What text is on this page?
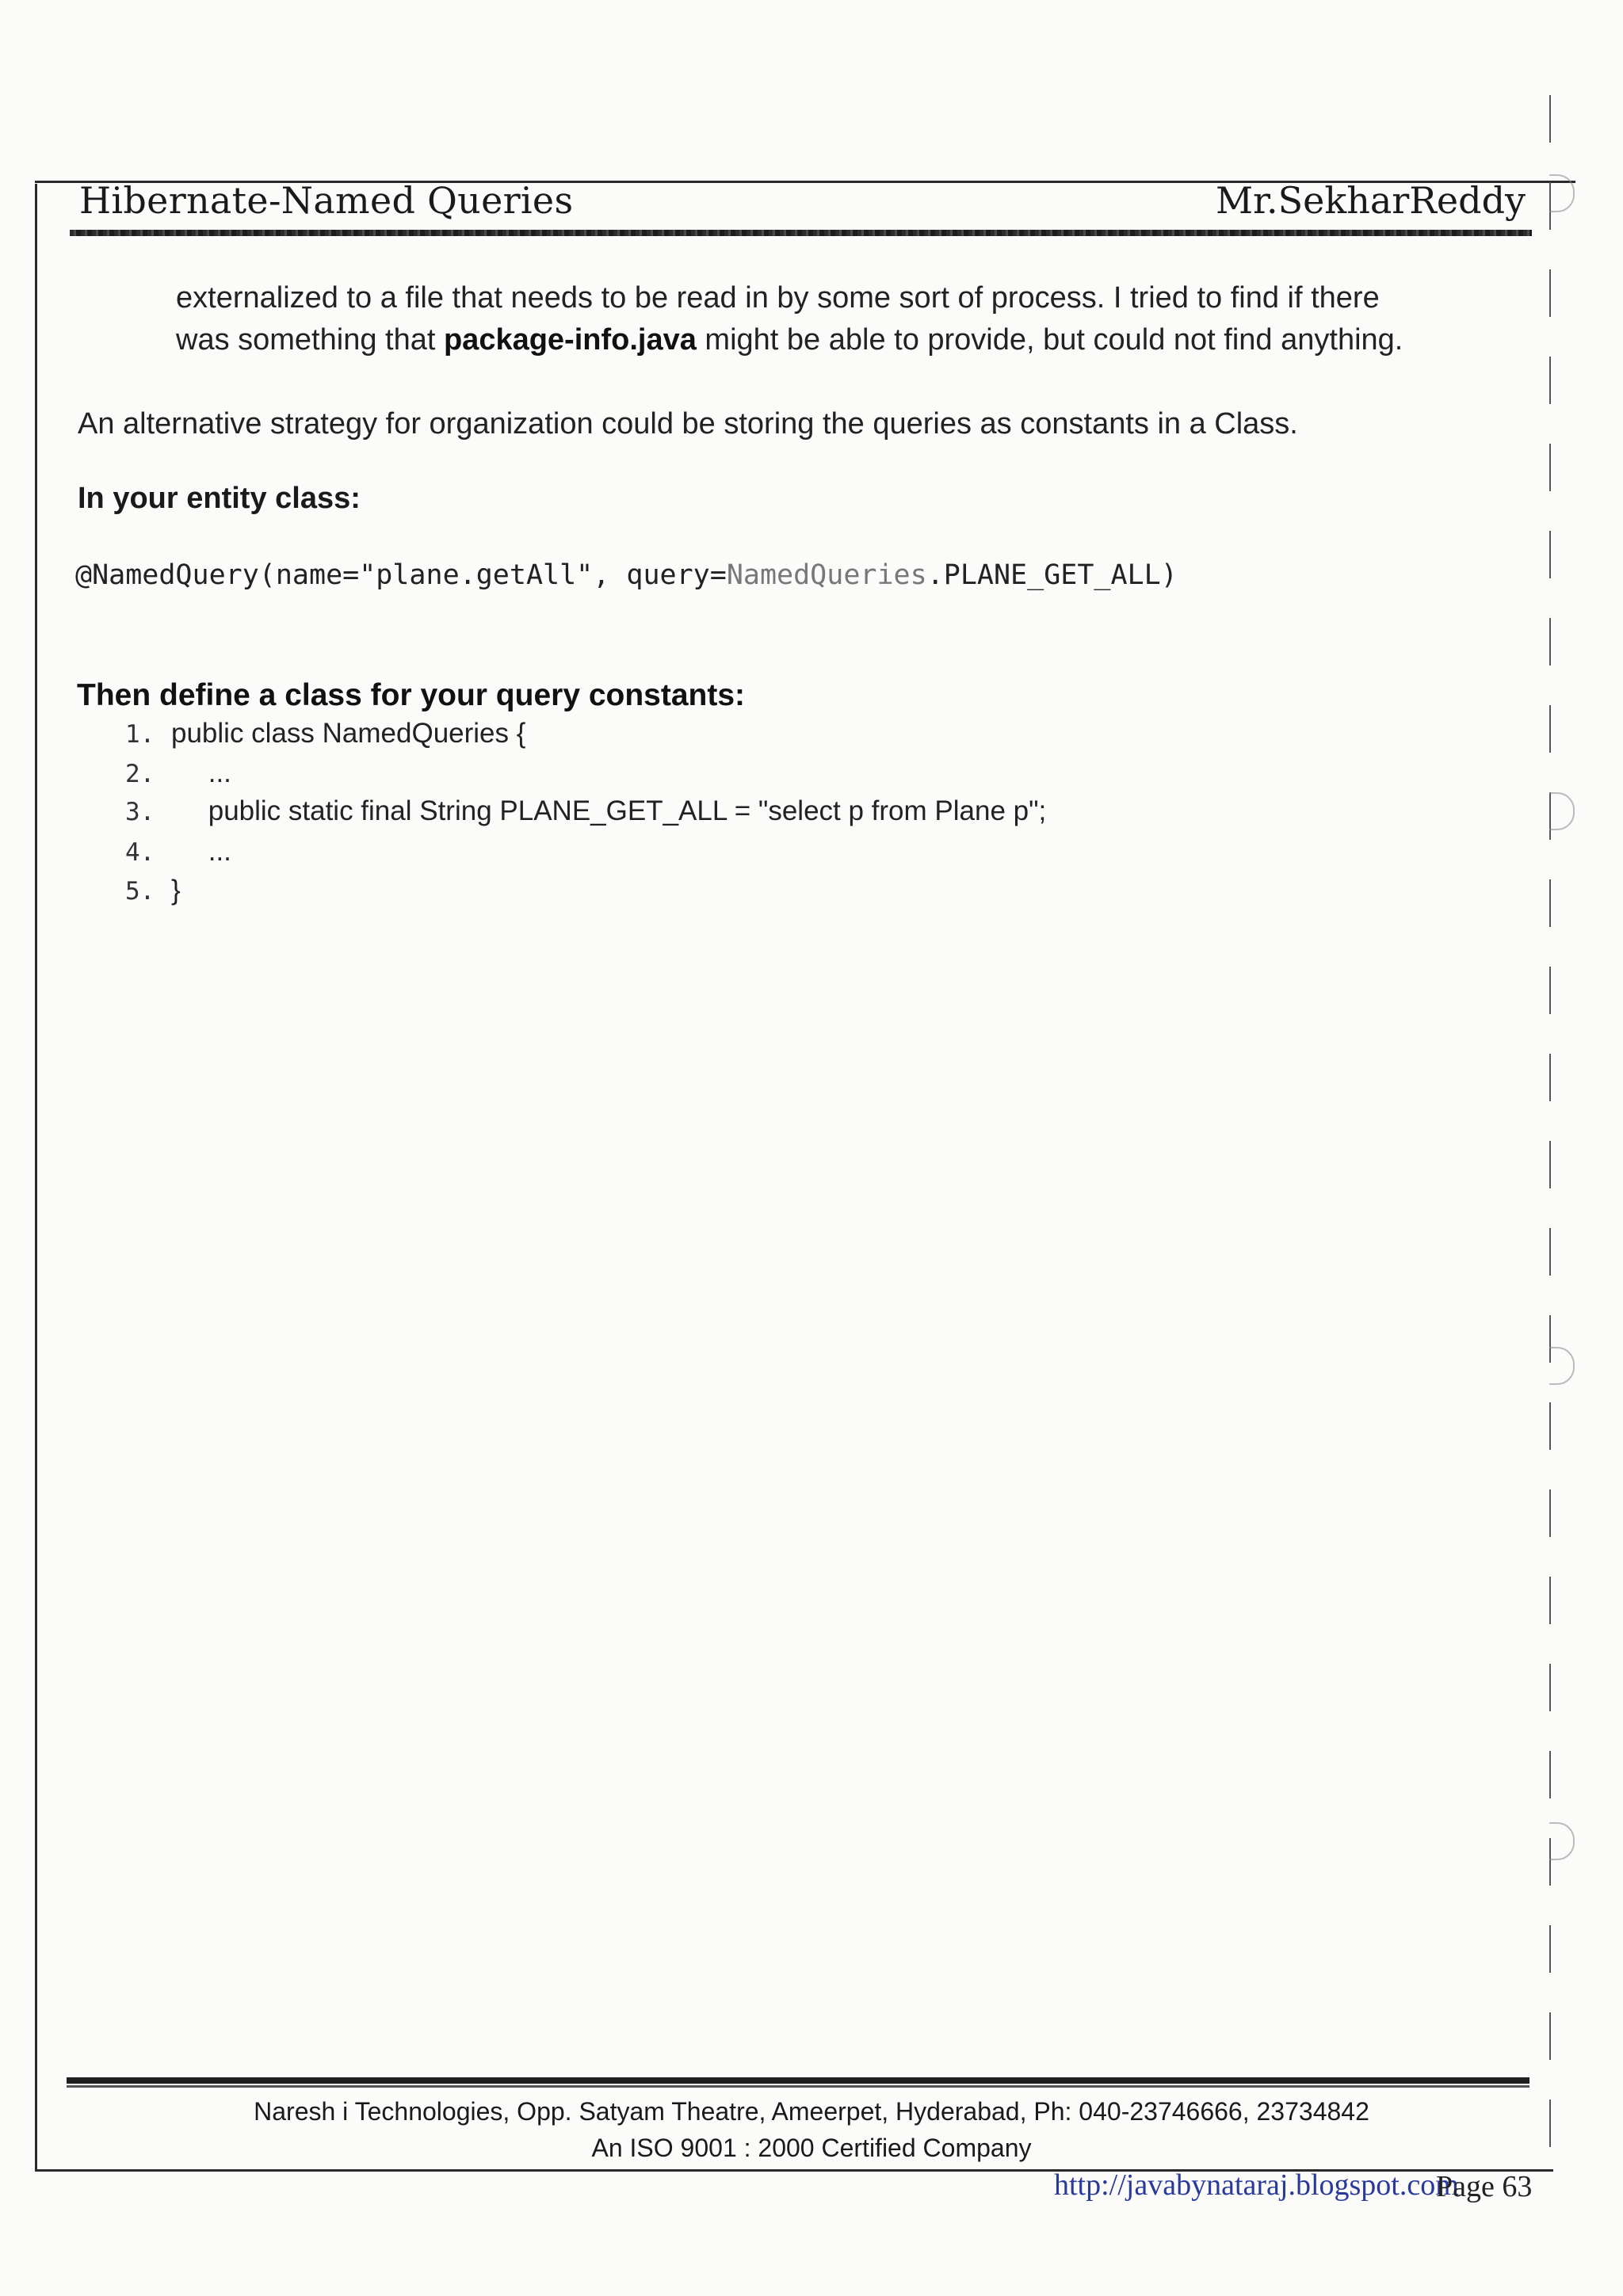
Hibernate-Named Queries	Mr.SekharReddy
externalized to a file that needs to be read in by some sort of process. I tried to find if there
was something that package-info.java might be able to provide, but could not find anything.
An alternative strategy for organization could be storing the queries as constants in a Class.
In your entity class:
@NamedQuery(name="plane.getAll", query=NamedQueries.PLANE_GET_ALL)
Then define a class for your query constants:
1. public class NamedQueries {
2. ...
3. public static final String PLANE_GET_ALL = "select p from Plane p";
4. ...
5. }
Naresh i Technologies, Opp. Satyam Theatre, Ameerpet, Hyderabad, Ph: 040-23746666, 23734842
An ISO 9001 : 2000 Certified Company
http://javabynataraj.blogspot.com
Page 63
